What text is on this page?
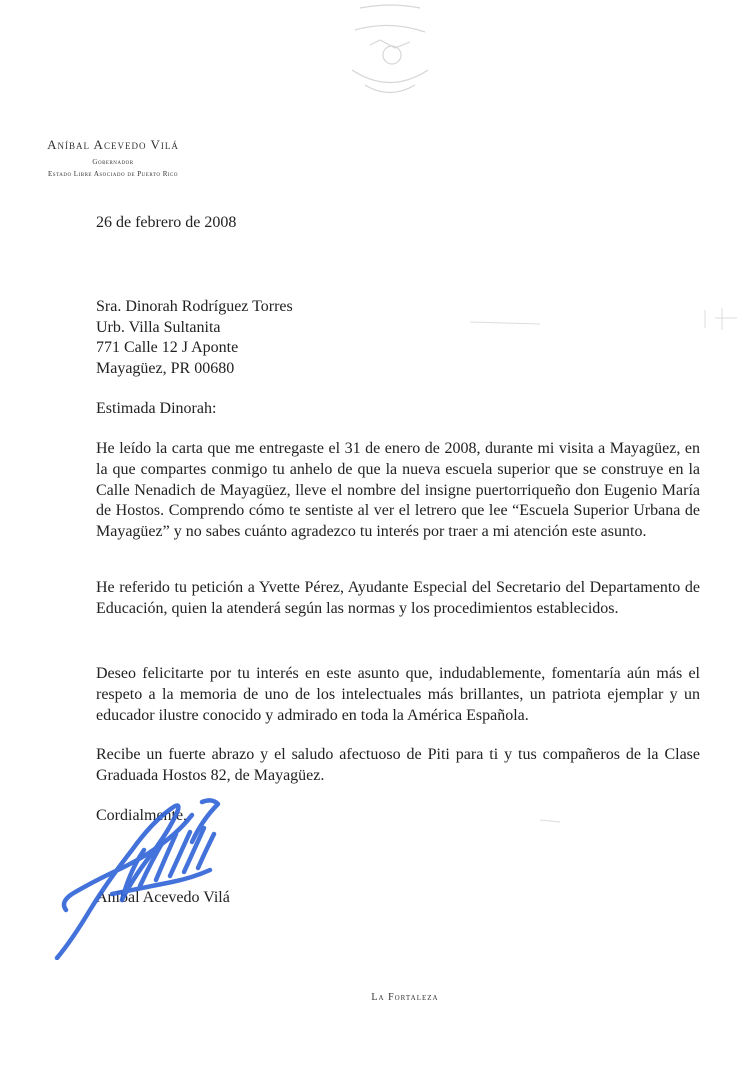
Aníbal Acevedo Vilá
Gobernador
Estado Libre Asociado de Puerto Rico
26 de febrero de 2008
Sra. Dinorah Rodríguez Torres
Urb. Villa Sultanita
771 Calle 12 J Aponte
Mayagüez, PR 00680
Estimada Dinorah:

He leído la carta que me entregaste el 31 de enero de 2008, durante mi visita a Mayagüez, en la que compartes conmigo tu anhelo de que la nueva escuela superior que se construye en la Calle Nenadich de Mayagüez, lleve el nombre del insigne puertorriqueño don Eugenio María de Hostos. Comprendo cómo te sentiste al ver el letrero que lee “Escuela Superior Urbana de Mayagüez” y no sabes cuánto agradezco tu interés por traer a mi atención este asunto.

He referido tu petición a Yvette Pérez, Ayudante Especial del Secretario del Departamento de Educación, quien la atenderá según las normas y los procedimientos establecidos.

Deseo felicitarte por tu interés en este asunto que, indudablemente, fomentaría aún más el respeto a la memoria de uno de los intelectuales más brillantes, un patriota ejemplar y un educador ilustre conocido y admirado en toda la América Española.

Recibe un fuerte abrazo y el saludo afectuoso de Piti para ti y tus compañeros de la Clase Graduada Hostos 82, de Mayagüez.

Cordialmente,
Aníbal Acevedo Vilá
La Fortaleza
